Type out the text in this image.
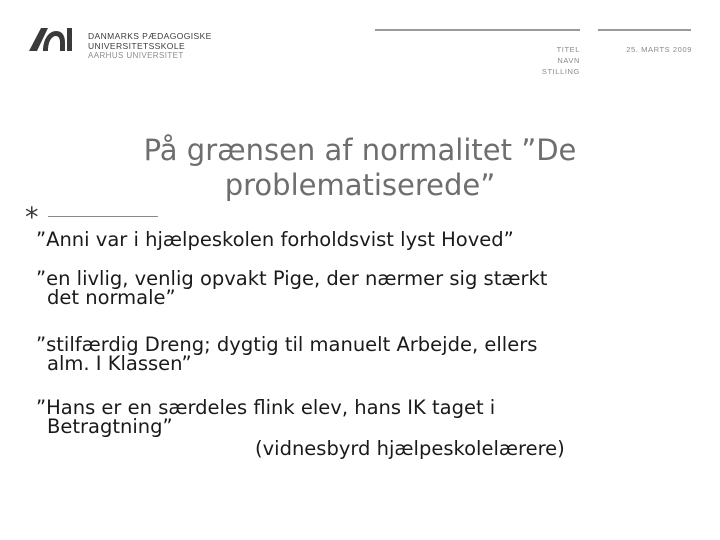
DANMARKS PÆDAGOGISKE
UNIVERSITETSSKOLE
AARHUS UNIVERSITET
TITEL
NAVN
STILLING
25. MARTS 2009
På grænsen af normalitet ”De
problematiserede”
*
”Anni var i hjælpeskolen forholdsvist lyst Hoved”
”en livlig, venlig opvakt Pige, der nærmer sig stærkt
det normale”
”stilfærdig Dreng; dygtig til manuelt Arbejde, ellers
alm. I Klassen”
”Hans er en særdeles flink elev, hans IK taget i
Betragtning”
(vidnesbyrd hjælpeskolelærere)
